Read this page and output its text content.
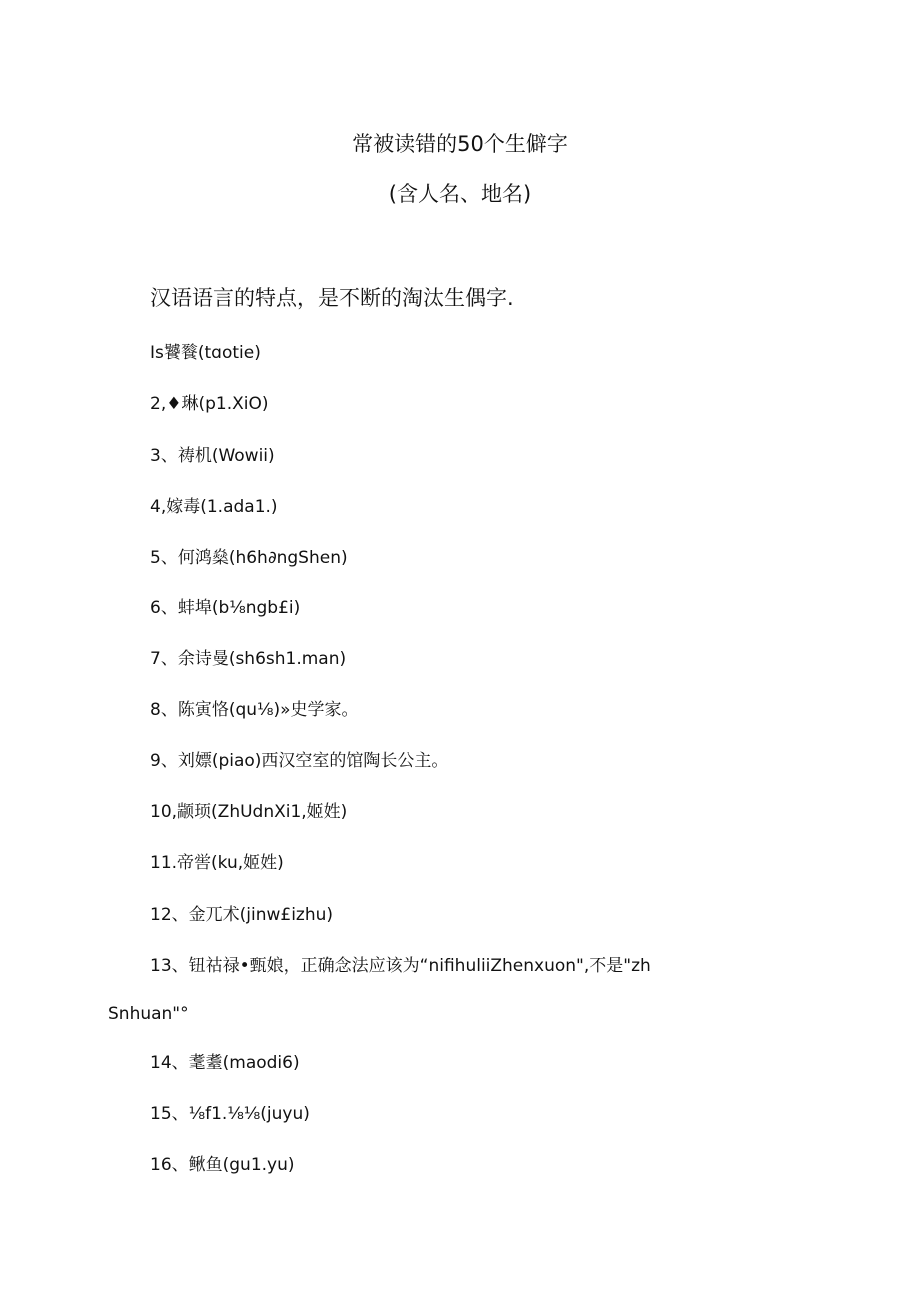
常被读错的50个生僻字
(含人名、地名)
汉语语言的特点，是不断的淘汰生偶字.
Is饕餮(tɑotie)
2,♦琳(p1.XiO)
3、祷机(Wowii)
4,嫁毒(1.ada1.)
5、何鸿燊(h6h∂ngShen)
6、蚌埠(b⅛ngb£i)
7、余诗曼(sh6sh1.man)
8、陈寅恪(qu⅛)»史学家。
9、刘嫖(piao)西汉空室的馆陶长公主。
10,颛顼(ZhUdnXi1,姬姓)
11.帝喾(ku,姬姓)
12、金兀术(jinw£izhu)
13、钮祜禄•甄娘，正确念法应该为“nifihuliiZhenxuon",不是"zh
Snhuan"°
14、耄耋(maodi6)
15、⅛f1.⅛⅛(juyu)
16、鳅鱼(gu1.yu)
